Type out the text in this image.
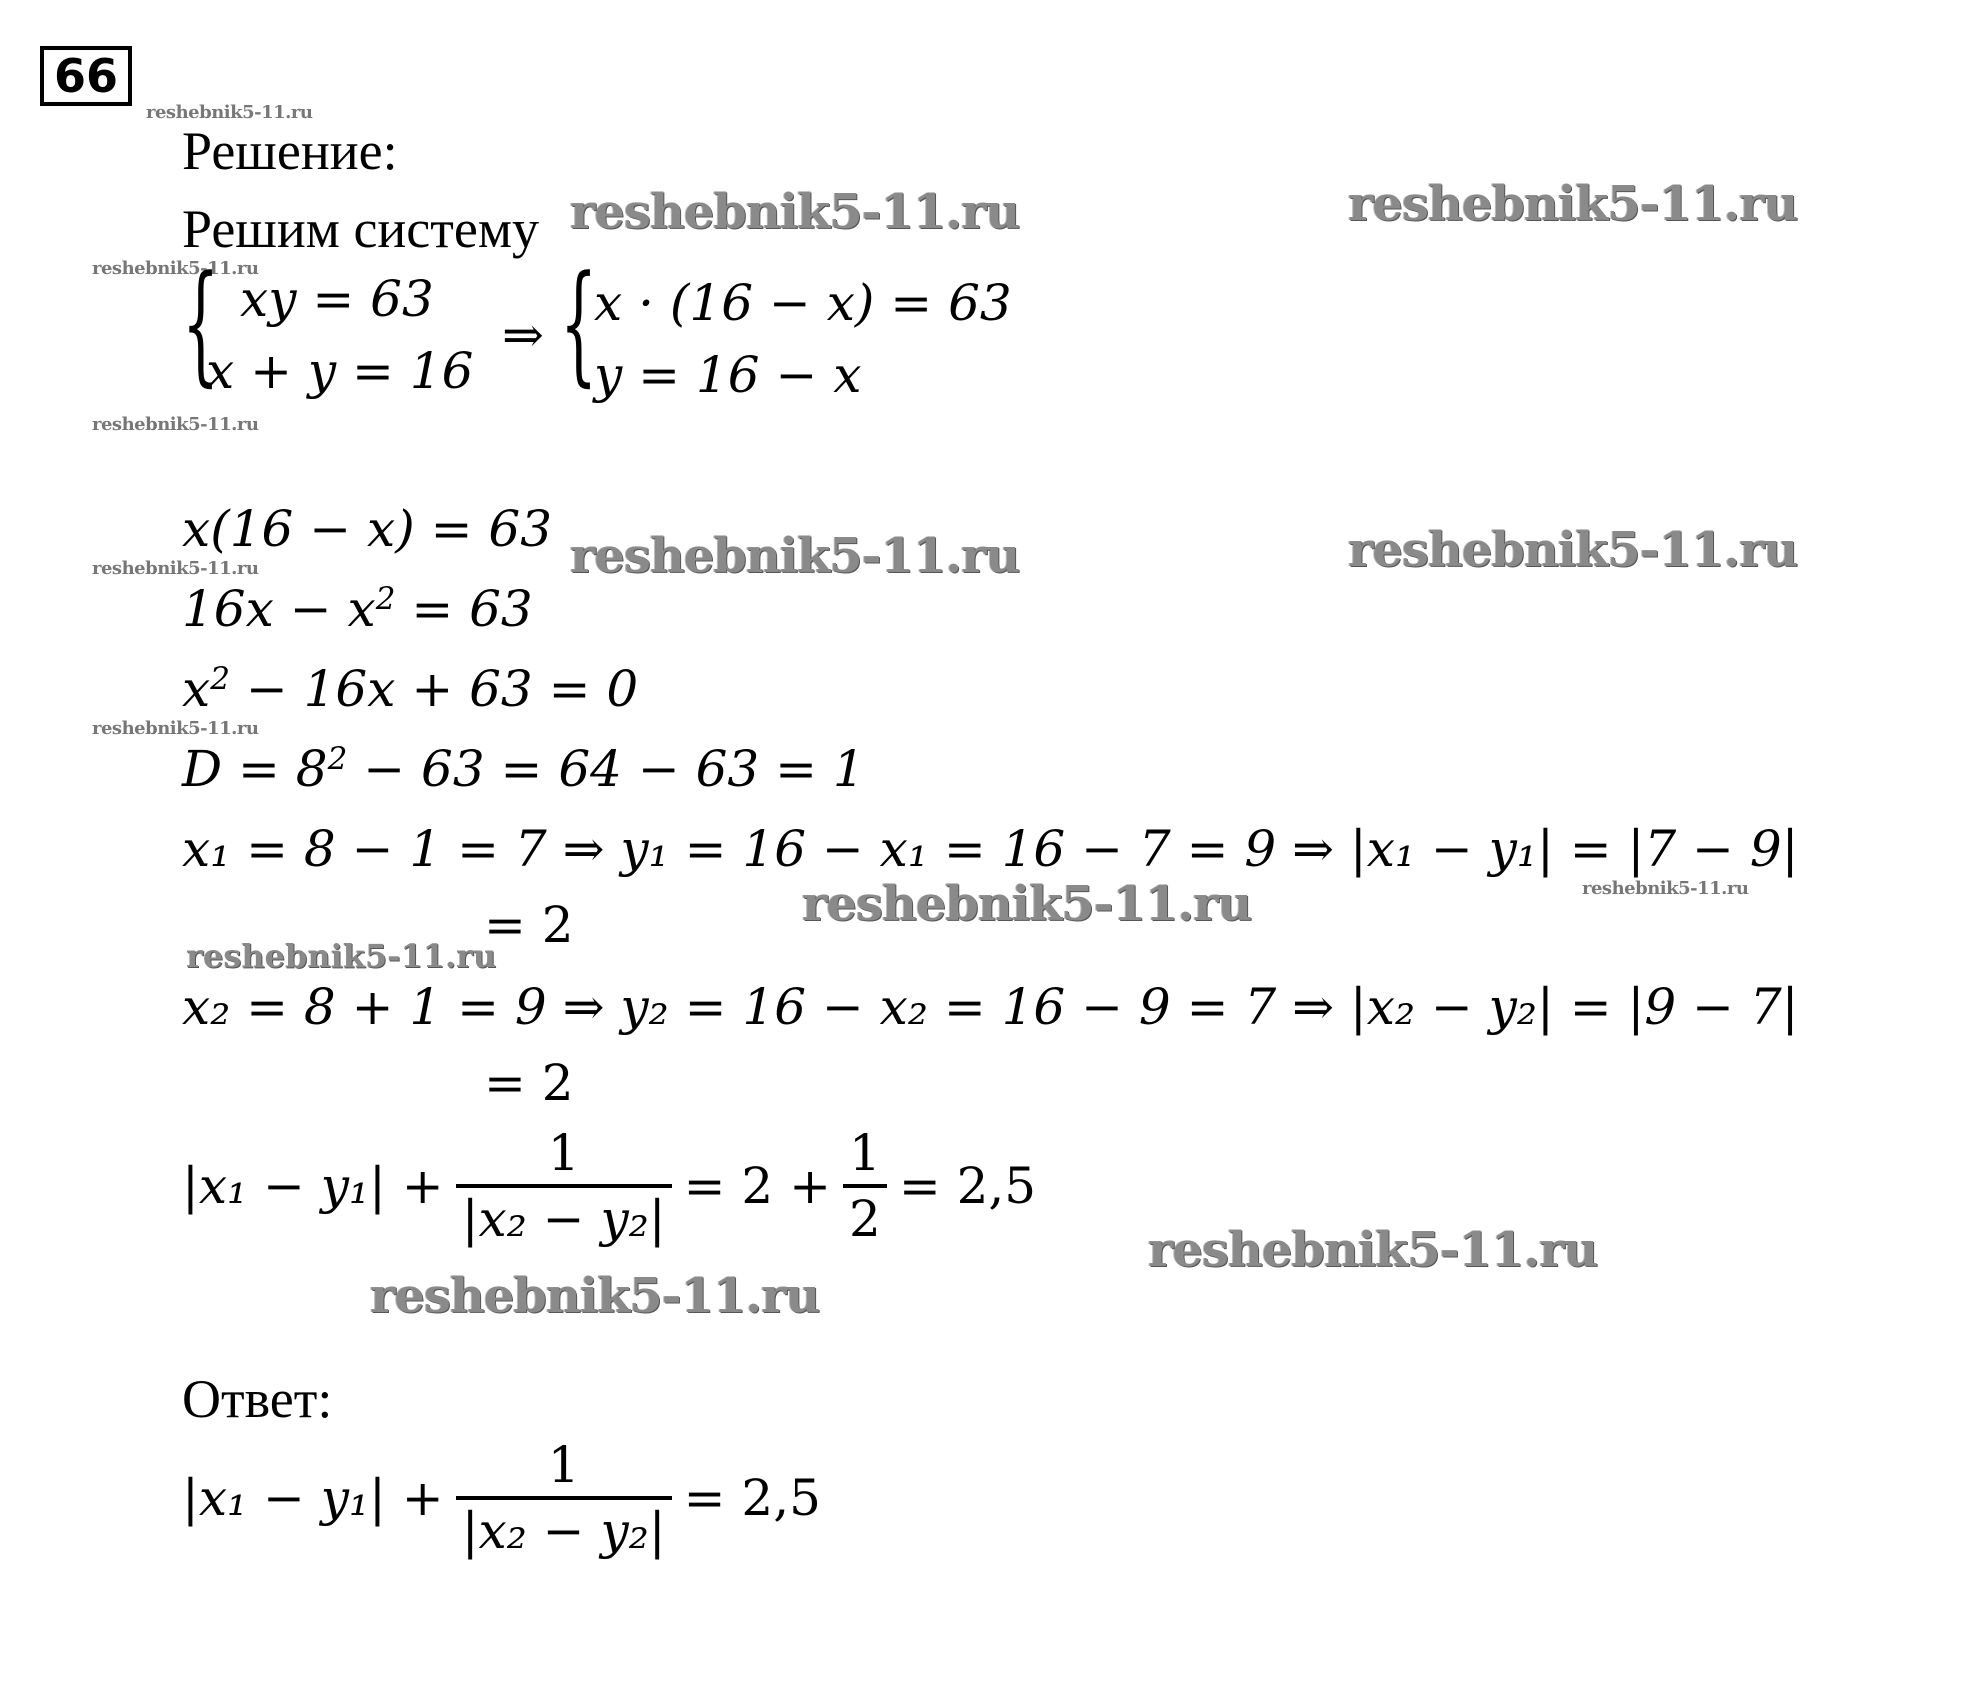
66
reshebnik5-11.ru
reshebnik5-11.ru
reshebnik5-11.ru
reshebnik5-11.ru
reshebnik5-11.ru
reshebnik5-11.ru
reshebnik5-11.ru	reshebnik5-11.ru
reshebnik5-11.ru	reshebnik5-11.ru
reshebnik5-11.ru
reshebnik5-11.ru
reshebnik5-11.ru
reshebnik5-11.ru
Решение:
Решим систему
{ xy = 63
x + y = 16
⇒ {
x · (16 − x) = 63
y = 16 − x
x(16 − x) = 63
$16x - x^2 = 63$
$x^2 - 16x + 63 = 0$
$D = 8^2 - 63 = 64 - 63 = 1$
x₁ = 8 − 1 = 7 ⇒ y₁ = 16 − x₁ = 16 − 7 = 9 ⇒ |x₁ − y₁| = |7 − 9|
= 2
x₂ = 8 + 1 = 9 ⇒ y₂ = 16 − x₂ = 16 − 9 = 7 ⇒ |x₂ − y₂| = |9 − 7|
= 2
$|x_1 - y_1| + \frac{1}{\text{|x₂ − y₂|}} = 2 + \frac{1}{2} = 2,5$
Ответ:
$|x_1 - y_1| + \frac{1}{\text{|x₂ − y₂|}} = 2,5$
